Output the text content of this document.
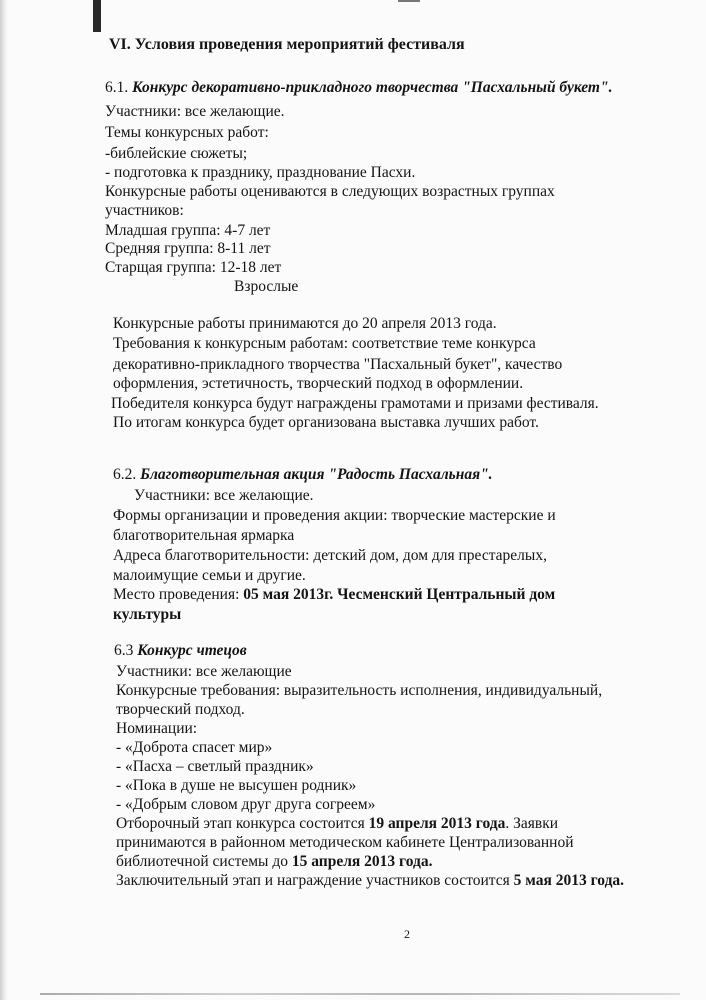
VI. Условия проведения мероприятий фестиваля
6.1. Конкурс декоративно-прикладного творчества "Пасхальный букет".
Участники: все желающие.
Темы конкурсных работ:
-библейские сюжеты;
- подготовка к празднику, празднование Пасхи.
Конкурсные работы оцениваются в следующих возрастных группах
участников:
Младшая группа: 4-7 лет
Средняя группа: 8-11 лет
Старщая группа: 12-18 лет
Взрослые
Конкурсные работы принимаются до 20 апреля 2013 года.
Требования к конкурсным работам: соответствие теме конкурса
декоративно-прикладного творчества "Пасхальный букет", качество
оформления, эстетичность, творческий подход в оформлении.
Победителя конкурса будут награждены грамотами и призами фестиваля.
По итогам конкурса будет организована выставка лучших работ.
6.2. Благотворительная акция "Радость Пасхальная".
Участники: все желающие.
Формы организации и проведения акции: творческие мастерские и
благотворительная ярмарка
Адреса благотворительности: детский дом, дом для престарелых,
малоимущие семьи и другие.
Место проведения: 05 мая 2013г. Чесменский Центральный дом
культуры
6.3 Конкурс чтецов
Участники: все желающие
Конкурсные требования: выразительность исполнения, индивидуальный,
творческий подход.
Номинации:
- «Доброта спасет мир»
- «Пасха – светлый праздник»
- «Пока в душе не высушен родник»
- «Добрым словом друг друга согреем»
Отборочный этап конкурса состоится 19 апреля 2013 года. Заявки
принимаются в районном методическом кабинете Централизованной
библиотечной системы до 15 апреля 2013 года.
Заключительный этап и награждение участников состоится 5 мая 2013 года.
2
